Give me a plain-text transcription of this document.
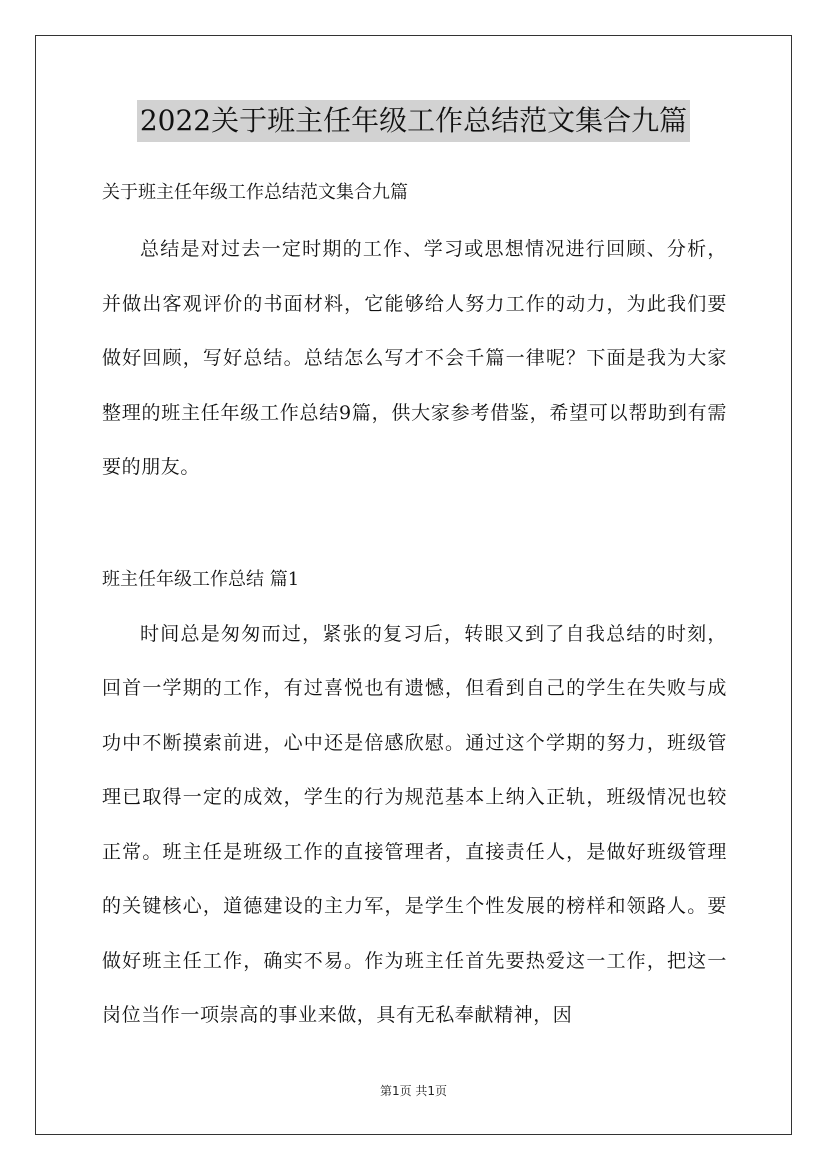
2022关于班主任年级工作总结范文集合九篇

关于班主任年级工作总结范文集合九篇

总结是对过去一定时期的工作、学习或思想情况进行回顾、分析，并做出客观评价的书面材料，它能够给人努力工作的动力，为此我们要做好回顾，写好总结。总结怎么写才不会千篇一律呢？下面是我为大家整理的班主任年级工作总结9篇，供大家参考借鉴，希望可以帮助到有需要的朋友。

班主任年级工作总结 篇1

时间总是匆匆而过，紧张的复习后，转眼又到了自我总结的时刻，回首一学期的工作，有过喜悦也有遗憾，但看到自己的学生在失败与成功中不断摸索前进，心中还是倍感欣慰。通过这个学期的努力，班级管理已取得一定的成效，学生的行为规范基本上纳入正轨，班级情况也较正常。班主任是班级工作的直接管理者，直接责任人，是做好班级管理的关键核心，道德建设的主力军，是学生个性发展的榜样和领路人。要做好班主任工作，确实不易。作为班主任首先要热爱这一工作，把这一岗位当作一项崇高的事业来做，具有无私奉献精神，因

第1页 共1页
